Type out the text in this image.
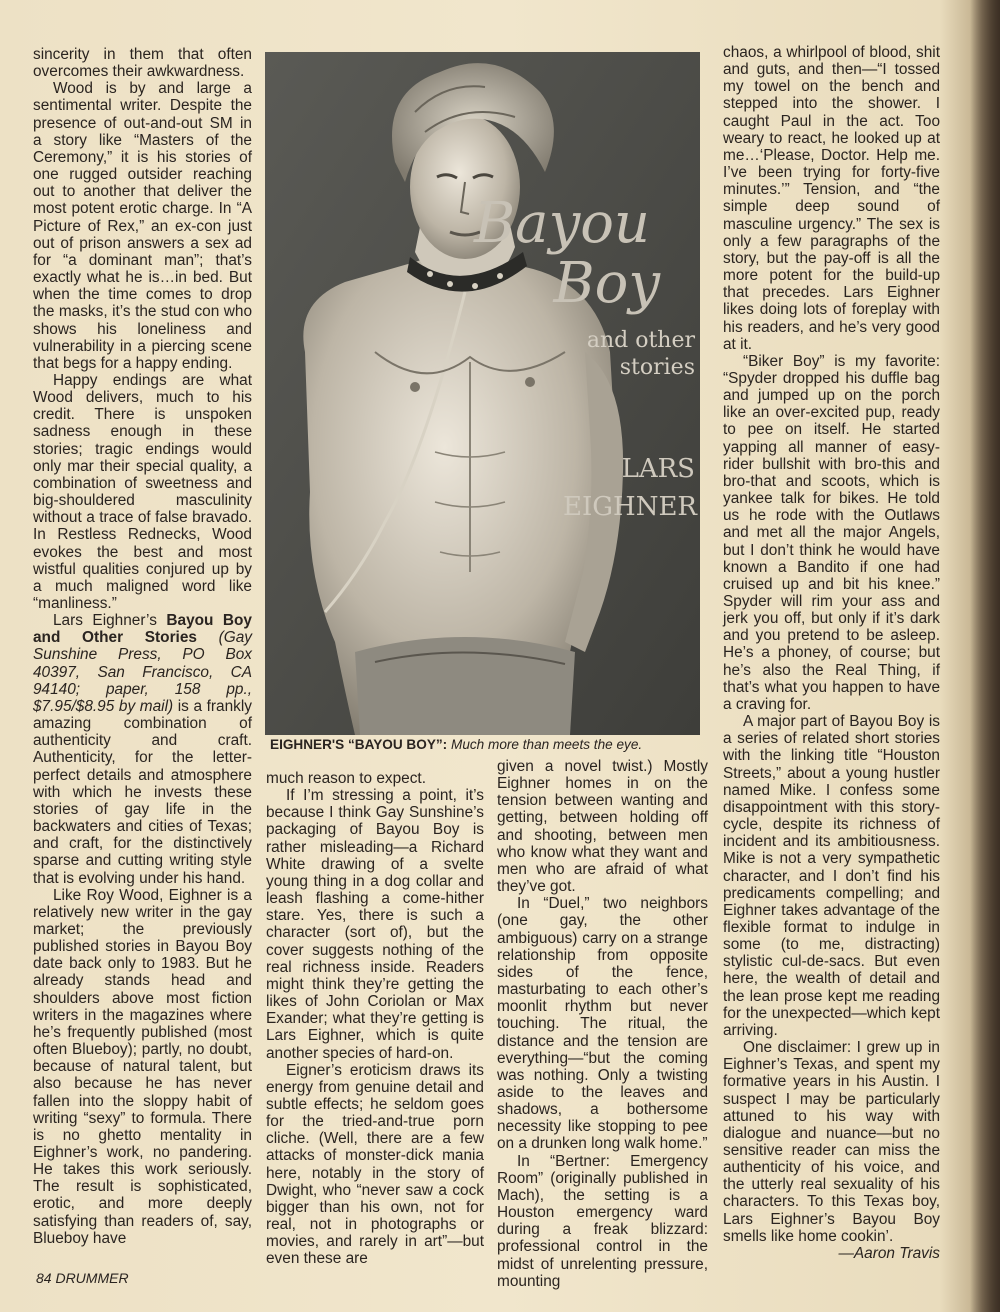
sincerity in them that often overcomes their awkwardness.

Wood is by and large a sentimental writer. Despite the presence of out-and-out SM in a story like “Masters of the Ceremony,” it is his stories of one rugged outsider reaching out to another that deliver the most potent erotic charge. In “A Picture of Rex,” an ex-con just out of prison answers a sex ad for “a dominant man”; that’s exactly what he is…in bed. But when the time comes to drop the masks, it’s the stud con who shows his loneliness and vulnerability in a piercing scene that begs for a happy ending.

Happy endings are what Wood delivers, much to his credit. There is unspoken sadness enough in these stories; tragic endings would only mar their special quality, a combination of sweetness and big-shouldered masculinity without a trace of false bravado. In Restless Rednecks, Wood evokes the best and most wistful qualities conjured up by a much maligned word like “manliness.”

Lars Eighner’s Bayou Boy and Other Stories (Gay Sunshine Press, PO Box 40397, San Francisco, CA 94140; paper, 158 pp., $7.95/$8.95 by mail) is a frankly amazing combination of authenticity and craft. Authenticity, for the letter-perfect details and atmosphere with which he invests these stories of gay life in the backwaters and cities of Texas; and craft, for the distinctively sparse and cutting writing style that is evolving under his hand.

Like Roy Wood, Eighner is a relatively new writer in the gay market; the previously published stories in Bayou Boy date back only to 1983. But he already stands head and shoulders above most fiction writers in the magazines where he’s frequently published (most often Blueboy); partly, no doubt, because of natural talent, but also because he has never fallen into the sloppy habit of writing “sexy” to formula. There is no ghetto mentality in Eighner’s work, no pandering. He takes this work seriously. The result is sophisticated, erotic, and more deeply satisfying than readers of, say, Blueboy have

Bayou
Boy
and other
stories
LARS
EIGHNER
EIGHNER'S “BAYOU BOY”: Much more than meets the eye.

much reason to expect.

If I’m stressing a point, it’s because I think Gay Sunshine’s packaging of Bayou Boy is rather misleading—a Richard White drawing of a svelte young thing in a dog collar and leash flashing a come-hither stare. Yes, there is such a character (sort of), but the cover suggests nothing of the real richness inside. Readers might think they’re getting the likes of John Coriolan or Max Exander; what they’re getting is Lars Eighner, which is quite another species of hard-on.

Eigner’s eroticism draws its energy from genuine detail and subtle effects; he seldom goes for the tried-and-true porn cliche. (Well, there are a few attacks of monster-dick mania here, notably in the story of Dwight, who “never saw a cock bigger than his own, not for real, not in photographs or movies, and rarely in art”—but even these are

given a novel twist.) Mostly Eighner homes in on the tension between wanting and getting, between holding off and shooting, between men who know what they want and men who are afraid of what they’ve got.

In “Duel,” two neighbors (one gay, the other ambiguous) carry on a strange relationship from opposite sides of the fence, masturbating to each other’s moonlit rhythm but never touching. The ritual, the distance and the tension are everything—“but the coming was nothing. Only a twisting aside to the leaves and shadows, a bothersome necessity like stopping to pee on a drunken long walk home.”

In “Bertner: Emergency Room” (originally published in Mach), the setting is a Houston emergency ward during a freak blizzard: professional control in the midst of unrelenting pressure, mounting

chaos, a whirlpool of blood, shit and guts, and then—“I tossed my towel on the bench and stepped into the shower. I caught Paul in the act. Too weary to react, he looked up at me…‘Please, Doctor. Help me. I’ve been trying for forty-five minutes.’” Tension, and “the simple deep sound of masculine urgency.” The sex is only a few paragraphs of the story, but the pay-off is all the more potent for the build-up that precedes. Lars Eighner likes doing lots of foreplay with his readers, and he’s very good at it.

“Biker Boy” is my favorite: “Spyder dropped his duffle bag and jumped up on the porch like an over-excited pup, ready to pee on itself. He started yapping all manner of easy-rider bullshit with bro-this and bro-that and scoots, which is yankee talk for bikes. He told us he rode with the Outlaws and met all the major Angels, but I don’t think he would have known a Bandito if one had cruised up and bit his knee.” Spyder will rim your ass and jerk you off, but only if it’s dark and you pretend to be asleep. He’s a phoney, of course; but he’s also the Real Thing, if that’s what you happen to have a craving for.

A major part of Bayou Boy is a series of related short stories with the linking title “Houston Streets,” about a young hustler named Mike. I confess some disappointment with this story-cycle, despite its richness of incident and its ambitiousness. Mike is not a very sympathetic character, and I don’t find his predicaments compelling; and Eighner takes advantage of the flexible format to indulge in some (to me, distracting) stylistic cul-de-sacs. But even here, the wealth of detail and the lean prose kept me reading for the unexpected—which kept arriving.

One disclaimer: I grew up in Eighner’s Texas, and spent my formative years in his Austin. I suspect I may be particularly attuned to his way with dialogue and nuance—but no sensitive reader can miss the authenticity of his voice, and the utterly real sexuality of his characters. To this Texas boy, Lars Eighner’s Bayou Boy smells like home cookin’.

—Aaron Travis

84 DRUMMER
